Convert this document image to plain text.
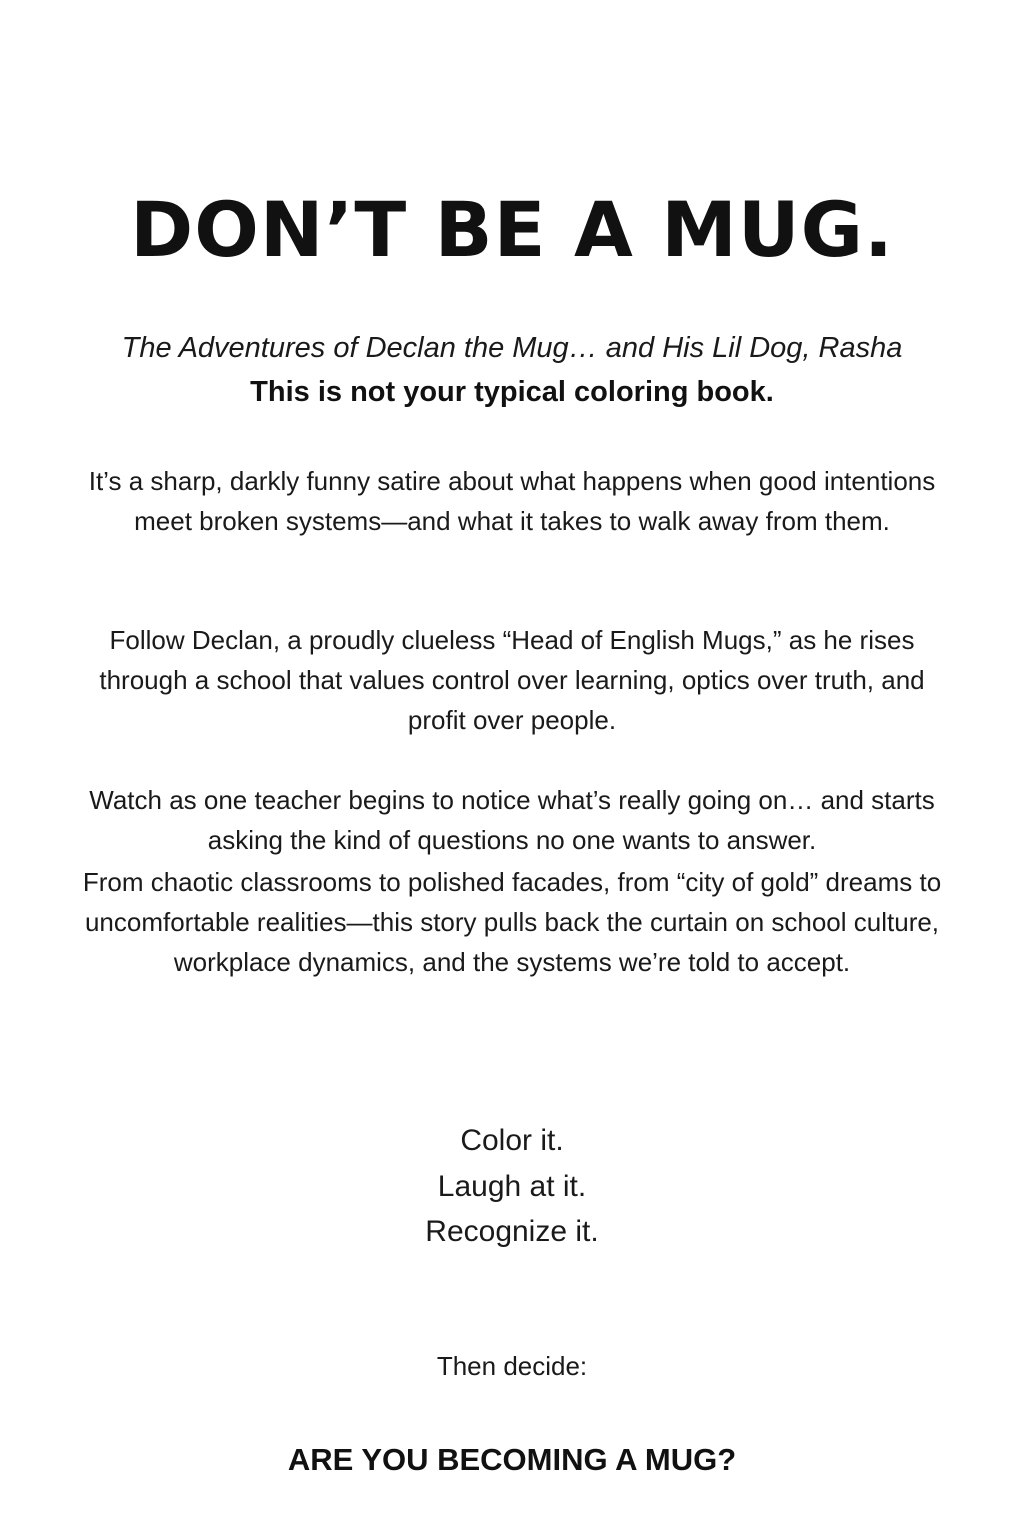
DON’T BE A MUG.

The Adventures of Declan the Mug… and His Lil Dog, Rasha

This is not your typical coloring book.

It’s a sharp, darkly funny satire about what happens when good intentions meet broken systems—and what it takes to walk away from them.

Follow Declan, a proudly clueless “Head of English Mugs,” as he rises through a school that values control over learning, optics over truth, and profit over people.

Watch as one teacher begins to notice what’s really going on… and starts asking the kind of questions no one wants to answer.

From chaotic classrooms to polished facades, from “city of gold” dreams to uncomfortable realities—this story pulls back the curtain on school culture, workplace dynamics, and the systems we’re told to accept.

Color it.

Laugh at it.

Recognize it.

Then decide:

ARE YOU BECOMING A MUG?
